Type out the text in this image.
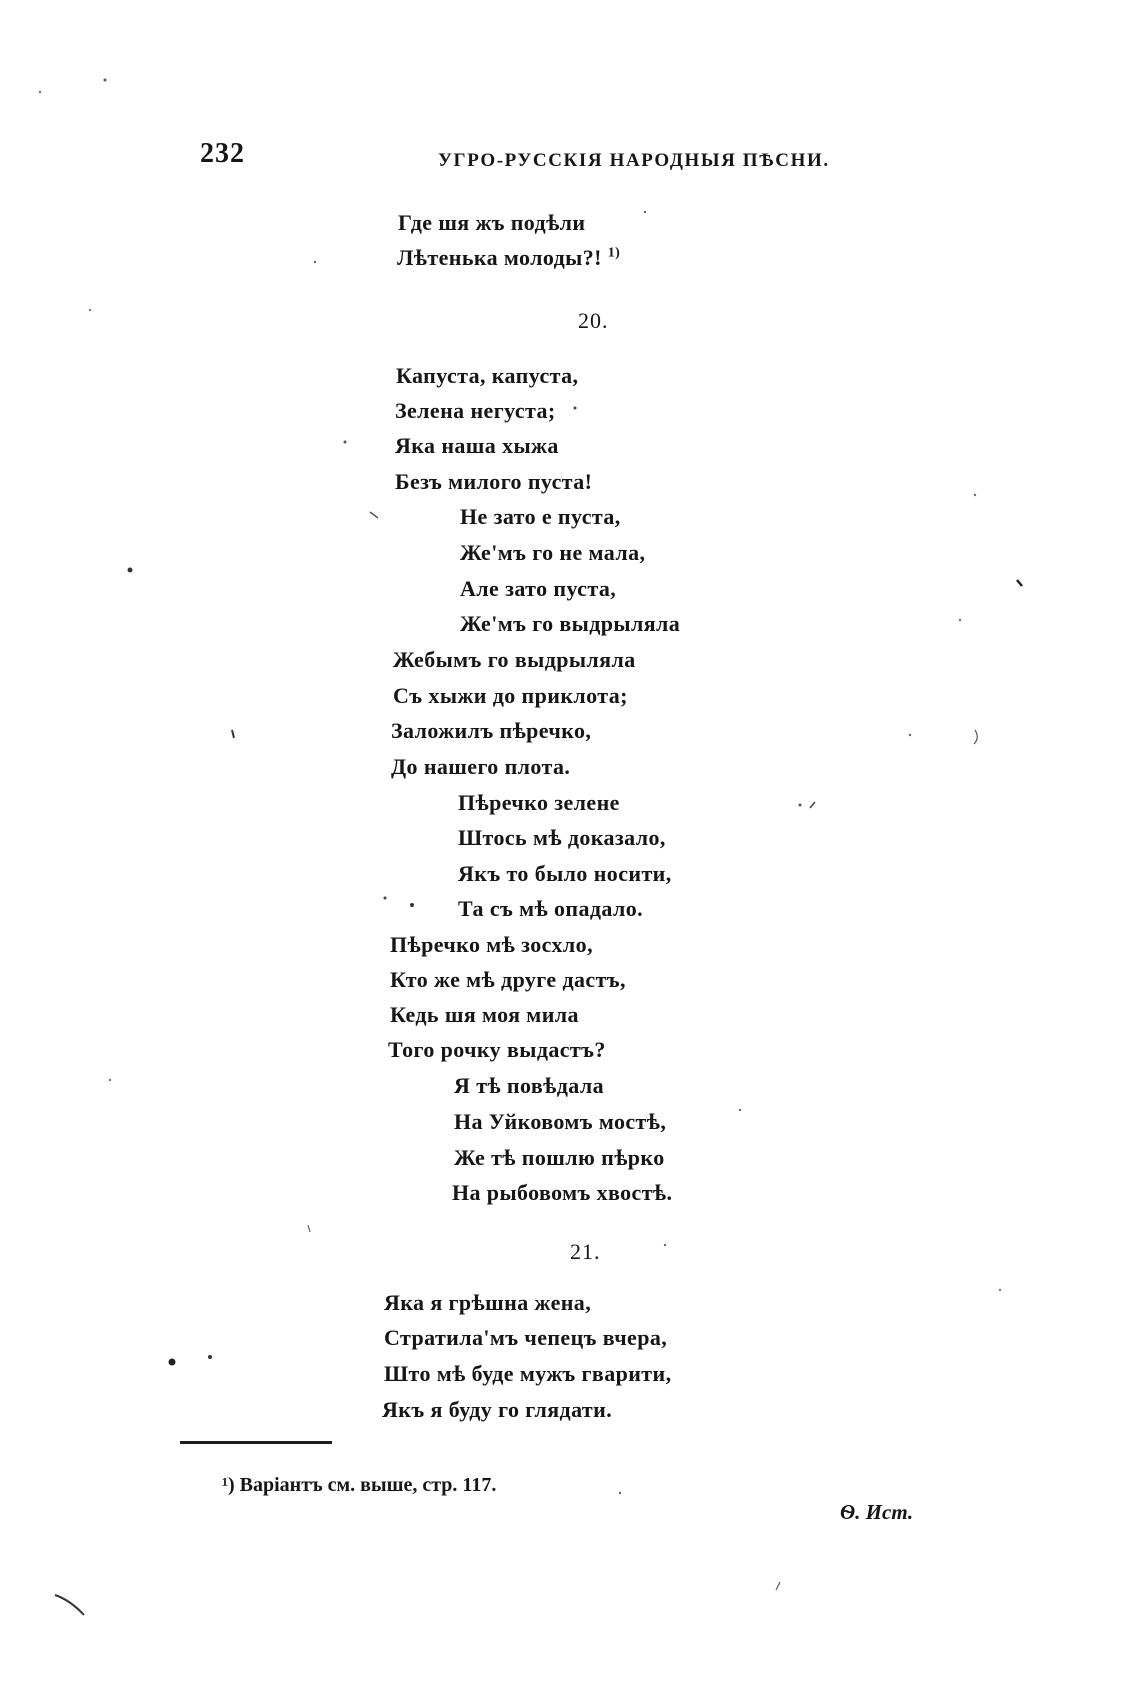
232	УГРО-РУССКІЯ НАРОДНЫЯ ПѢСНИ.
Где шя жъ подѣли
Лѣтенька молоды?! $^{1)}$
20.
Капуста, капуста,
Зелена негуста;
Яка наша хыжа
Безъ милого пуста!
Не зато е пуста,
Же'мъ го не мала,
Але зато пуста,
Же'мъ го выдрыляла
Жебымъ го выдрыляла
Съ хыжи до приклота;
Заложилъ пѣречко,
До нашего плота.
Пѣречко зелене
Штось мѣ доказало,
Якъ то было носити,
Та съ мѣ опадало.
Пѣречко мѣ зосхло,
Кто же мѣ друге дастъ,
Кедь шя моя мила
Того рочку выдастъ?
Я тѣ повѣдала
На Уйковомъ мостѣ,
Же тѣ пошлю пѣрко
На рыбовомъ хвостѣ.
21.
Яка я грѣшна жена,
Стратила'мъ чепецъ вчера,
Што мѣ буде мужъ гварити,
Якъ я буду го глядати.
¹) Варіантъ см. выше, стр. 117.
Ѳ. Ист.
